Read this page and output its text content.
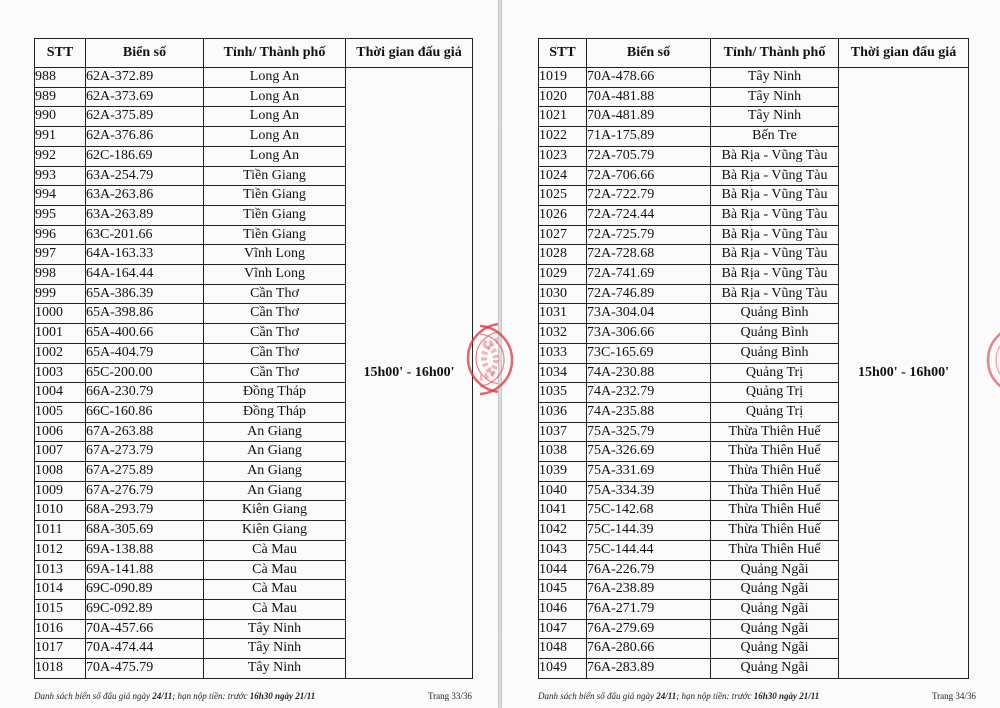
STT	Biển số	Tỉnh/ Thành phố	Thời gian đấu giá
988	62A-372.89	Long An	15h00' - 16h00'
989	62A-373.69	Long An	
990	62A-375.89	Long An	
991	62A-376.86	Long An	
992	62C-186.69	Long An	
993	63A-254.79	Tiền Giang	
994	63A-263.86	Tiền Giang	
995	63A-263.89	Tiền Giang	
996	63C-201.66	Tiền Giang	
997	64A-163.33	Vĩnh Long	
998	64A-164.44	Vĩnh Long	
999	65A-386.39	Cần Thơ	
1000	65A-398.86	Cần Thơ	
1001	65A-400.66	Cần Thơ	
1002	65A-404.79	Cần Thơ	
1003	65C-200.00	Cần Thơ	
1004	66A-230.79	Đồng Tháp	
1005	66C-160.86	Đồng Tháp	
1006	67A-263.88	An Giang	
1007	67A-273.79	An Giang	
1008	67A-275.89	An Giang	
1009	67A-276.79	An Giang	
1010	68A-293.79	Kiên Giang	
1011	68A-305.69	Kiên Giang	
1012	69A-138.88	Cà Mau	
1013	69A-141.88	Cà Mau	
1014	69C-090.89	Cà Mau	
1015	69C-092.89	Cà Mau	
1016	70A-457.66	Tây Ninh	
1017	70A-474.44	Tây Ninh	
1018	70A-475.79	Tây Ninh	
Danh sách biển số đấu giá ngày 24/11; hạn nộp tiền: trước 16h30 ngày 21/11	Trang 33/36
STT	Biển số	Tỉnh/ Thành phố	Thời gian đấu giá
1019	70A-478.66	Tây Ninh	15h00' - 16h00'
1020	70A-481.88	Tây Ninh	
1021	70A-481.89	Tây Ninh	
1022	71A-175.89	Bến Tre	
1023	72A-705.79	Bà Rịa - Vũng Tàu	
1024	72A-706.66	Bà Rịa - Vũng Tàu	
1025	72A-722.79	Bà Rịa - Vũng Tàu	
1026	72A-724.44	Bà Rịa - Vũng Tàu	
1027	72A-725.79	Bà Rịa - Vũng Tàu	
1028	72A-728.68	Bà Rịa - Vũng Tàu	
1029	72A-741.69	Bà Rịa - Vũng Tàu	
1030	72A-746.89	Bà Rịa - Vũng Tàu	
1031	73A-304.04	Quảng Bình	
1032	73A-306.66	Quảng Bình	
1033	73C-165.69	Quảng Bình	
1034	74A-230.88	Quảng Trị	
1035	74A-232.79	Quảng Trị	
1036	74A-235.88	Quảng Trị	
1037	75A-325.79	Thừa Thiên Huế	
1038	75A-326.69	Thừa Thiên Huế	
1039	75A-331.69	Thừa Thiên Huế	
1040	75A-334.39	Thừa Thiên Huế	
1041	75C-142.68	Thừa Thiên Huế	
1042	75C-144.39	Thừa Thiên Huế	
1043	75C-144.44	Thừa Thiên Huế	
1044	76A-226.79	Quảng Ngãi	
1045	76A-238.89	Quảng Ngãi	
1046	76A-271.79	Quảng Ngãi	
1047	76A-279.69	Quảng Ngãi	
1048	76A-280.66	Quảng Ngãi	
1049	76A-283.89	Quảng Ngãi	
Danh sách biển số đấu giá ngày 24/11; hạn nộp tiền: trước 16h30 ngày 21/11	Trang 34/36
